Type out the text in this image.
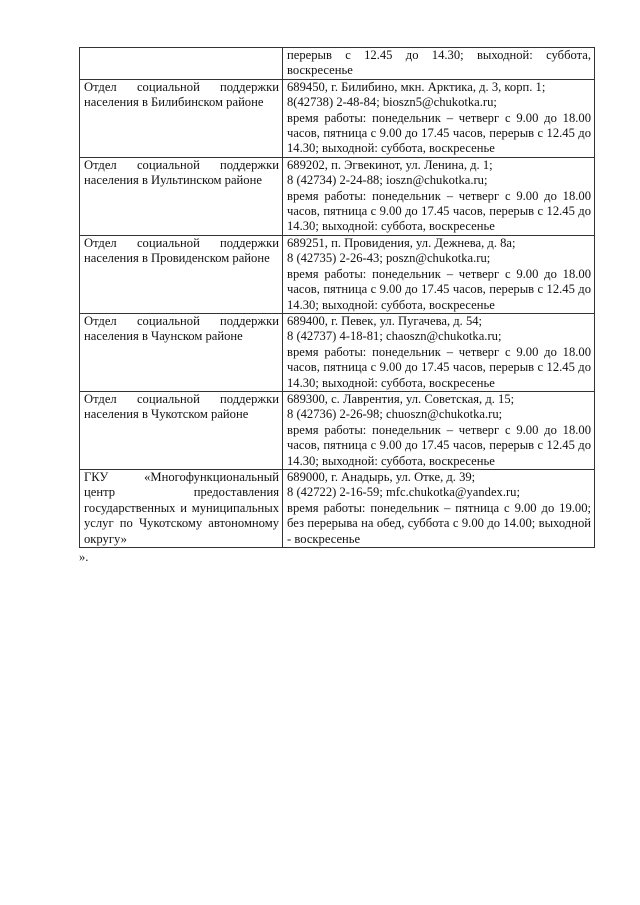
	перерыв с 12.45 до 14.30; выходной: суббота, воскресенье

Отдел социальной поддержки населения в Билибинском районе	689450, г. Билибино, мкн. Арктика, д. 3, корп. 1;
8(42738) 2-48-84; bioszn5@chukotka.ru;
время работы: понедельник – четверг с 9.00 до 18.00 часов, пятница с 9.00 до 17.45 часов, перерыв с 12.45 до 14.30; выходной: суббота, воскресенье

Отдел социальной поддержки населения в Иультинском районе	689202, п. Эгвекинот, ул. Ленина, д. 1;
8 (42734) 2-24-88; ioszn@chukotka.ru;
время работы: понедельник – четверг с 9.00 до 18.00 часов, пятница с 9.00 до 17.45 часов, перерыв с 12.45 до 14.30; выходной: суббота, воскресенье

Отдел социальной поддержки населения в Провиденском районе	689251, п. Провидения, ул. Дежнева, д. 8а;
8 (42735) 2-26-43; poszn@chukotka.ru;
время работы: понедельник – четверг с 9.00 до 18.00 часов, пятница с 9.00 до 17.45 часов, перерыв с 12.45 до 14.30; выходной: суббота, воскресенье

Отдел социальной поддержки населения в Чаунском районе	689400, г. Певек, ул. Пугачева, д. 54;
8 (42737) 4-18-81; chaoszn@chukotka.ru;
время работы: понедельник – четверг с 9.00 до 18.00 часов, пятница с 9.00 до 17.45 часов, перерыв с 12.45 до 14.30; выходной: суббота, воскресенье

Отдел социальной поддержки населения в Чукотском районе	689300, с. Лаврентия, ул. Советская, д. 15;
8 (42736) 2-26-98; chuoszn@chukotka.ru;
время работы: понедельник – четверг с 9.00 до 18.00 часов, пятница с 9.00 до 17.45 часов, перерыв с 12.45 до 14.30; выходной: суббота, воскресенье

ГКУ «Многофункциональный центр предоставления государственных и муниципальных услуг по Чукотскому автономному округу»	689000, г. Анадырь, ул. Отке, д. 39;
8 (42722) 2-16-59; mfc.chukotka@yandex.ru;
время работы: понедельник – пятница с 9.00 до 19.00; без перерыва на обед, суббота с 9.00 до 14.00; выходной - воскресенье
».
